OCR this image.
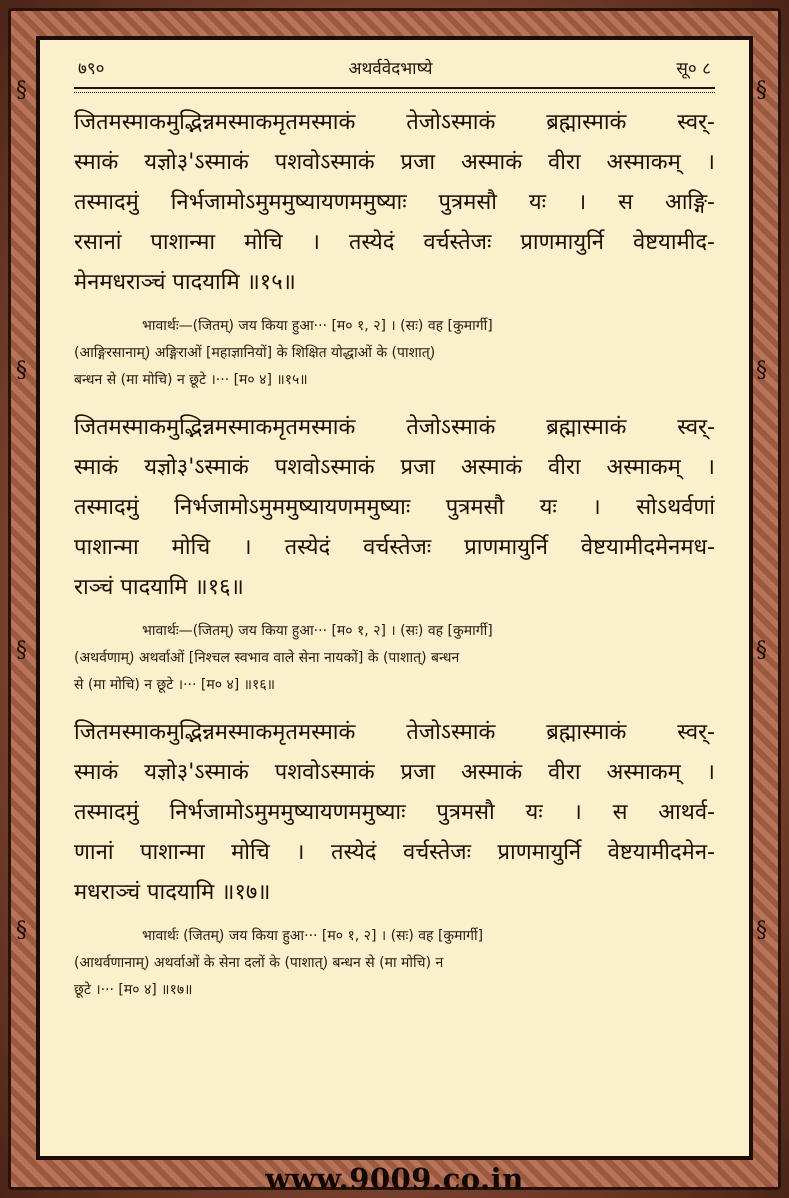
§
§
§
§
§
§
§
§
७९०	अथर्ववेदभाष्ये	सू० ८
जितमस्माकमुद्भिन्नमस्माकमृतमस्माकं तेजोऽस्माकं ब्रह्मास्माकं स्वर्-
स्माकं यज्ञो३'ऽस्माकं पशवोऽस्माकं प्रजा अस्माकं वीरा अस्माकम् ।
तस्मादमुं निर्भजामोऽमुममुष्यायणममुष्याः पुत्रमसौ यः । स आङ्गि-
रसानां पाशान्मा मोचि । तस्येदं वर्चस्तेजः प्राणमायुर्नि वेष्टयामीद-
मेनमधराञ्चं पादयामि ॥१५॥
भावार्थः—(जितम्) जय किया हुआ··· [म० १, २] । (सः) वह [कुमार्गी]
(आङ्गिरसानाम्) अङ्गिराओं [महाज्ञानियों] के शिक्षित योद्धाओं के (पाशात्)
बन्धन से (मा मोचि) न छूटे ।··· [म० ४] ॥१५॥
जितमस्माकमुद्भिन्नमस्माकमृतमस्माकं तेजोऽस्माकं ब्रह्मास्माकं स्वर्-
स्माकं यज्ञो३'ऽस्माकं पशवोऽस्माकं प्रजा अस्माकं वीरा अस्माकम् ।
तस्मादमुं निर्भजामोऽमुममुष्यायणममुष्याः पुत्रमसौ यः । सोऽथर्वणां
पाशान्मा मोचि । तस्येदं वर्चस्तेजः प्राणमायुर्नि वेष्टयामीदमेनमध-
राञ्चं पादयामि ॥१६॥
भावार्थः—(जितम्) जय किया हुआ··· [म० १, २] । (सः) वह [कुमार्गी]
(अथर्वणाम्) अथर्वाओं [निश्चल स्वभाव वाले सेना नायकों] के (पाशात्) बन्धन
से (मा मोचि) न छूटे ।··· [म० ४] ॥१६॥
जितमस्माकमुद्भिन्नमस्माकमृतमस्माकं तेजोऽस्माकं ब्रह्मास्माकं स्वर्-
स्माकं यज्ञो३'ऽस्माकं पशवोऽस्माकं प्रजा अस्माकं वीरा अस्माकम् ।
तस्मादमुं निर्भजामोऽमुममुष्यायणममुष्याः पुत्रमसौ यः । स आथर्व-
णानां पाशान्मा मोचि । तस्येदं वर्चस्तेजः प्राणमायुर्नि वेष्टयामीदमेन-
मधराञ्चं पादयामि ॥१७॥
भावार्थः (जितम्) जय किया हुआ··· [म० १, २] । (सः) वह [कुमार्गी]
(आथर्वणानाम्) अथर्वाओं के सेना दलों के (पाशात्) बन्धन से (मा मोचि) न
छूटे ।··· [म० ४] ॥१७॥
www.9009.co.in
